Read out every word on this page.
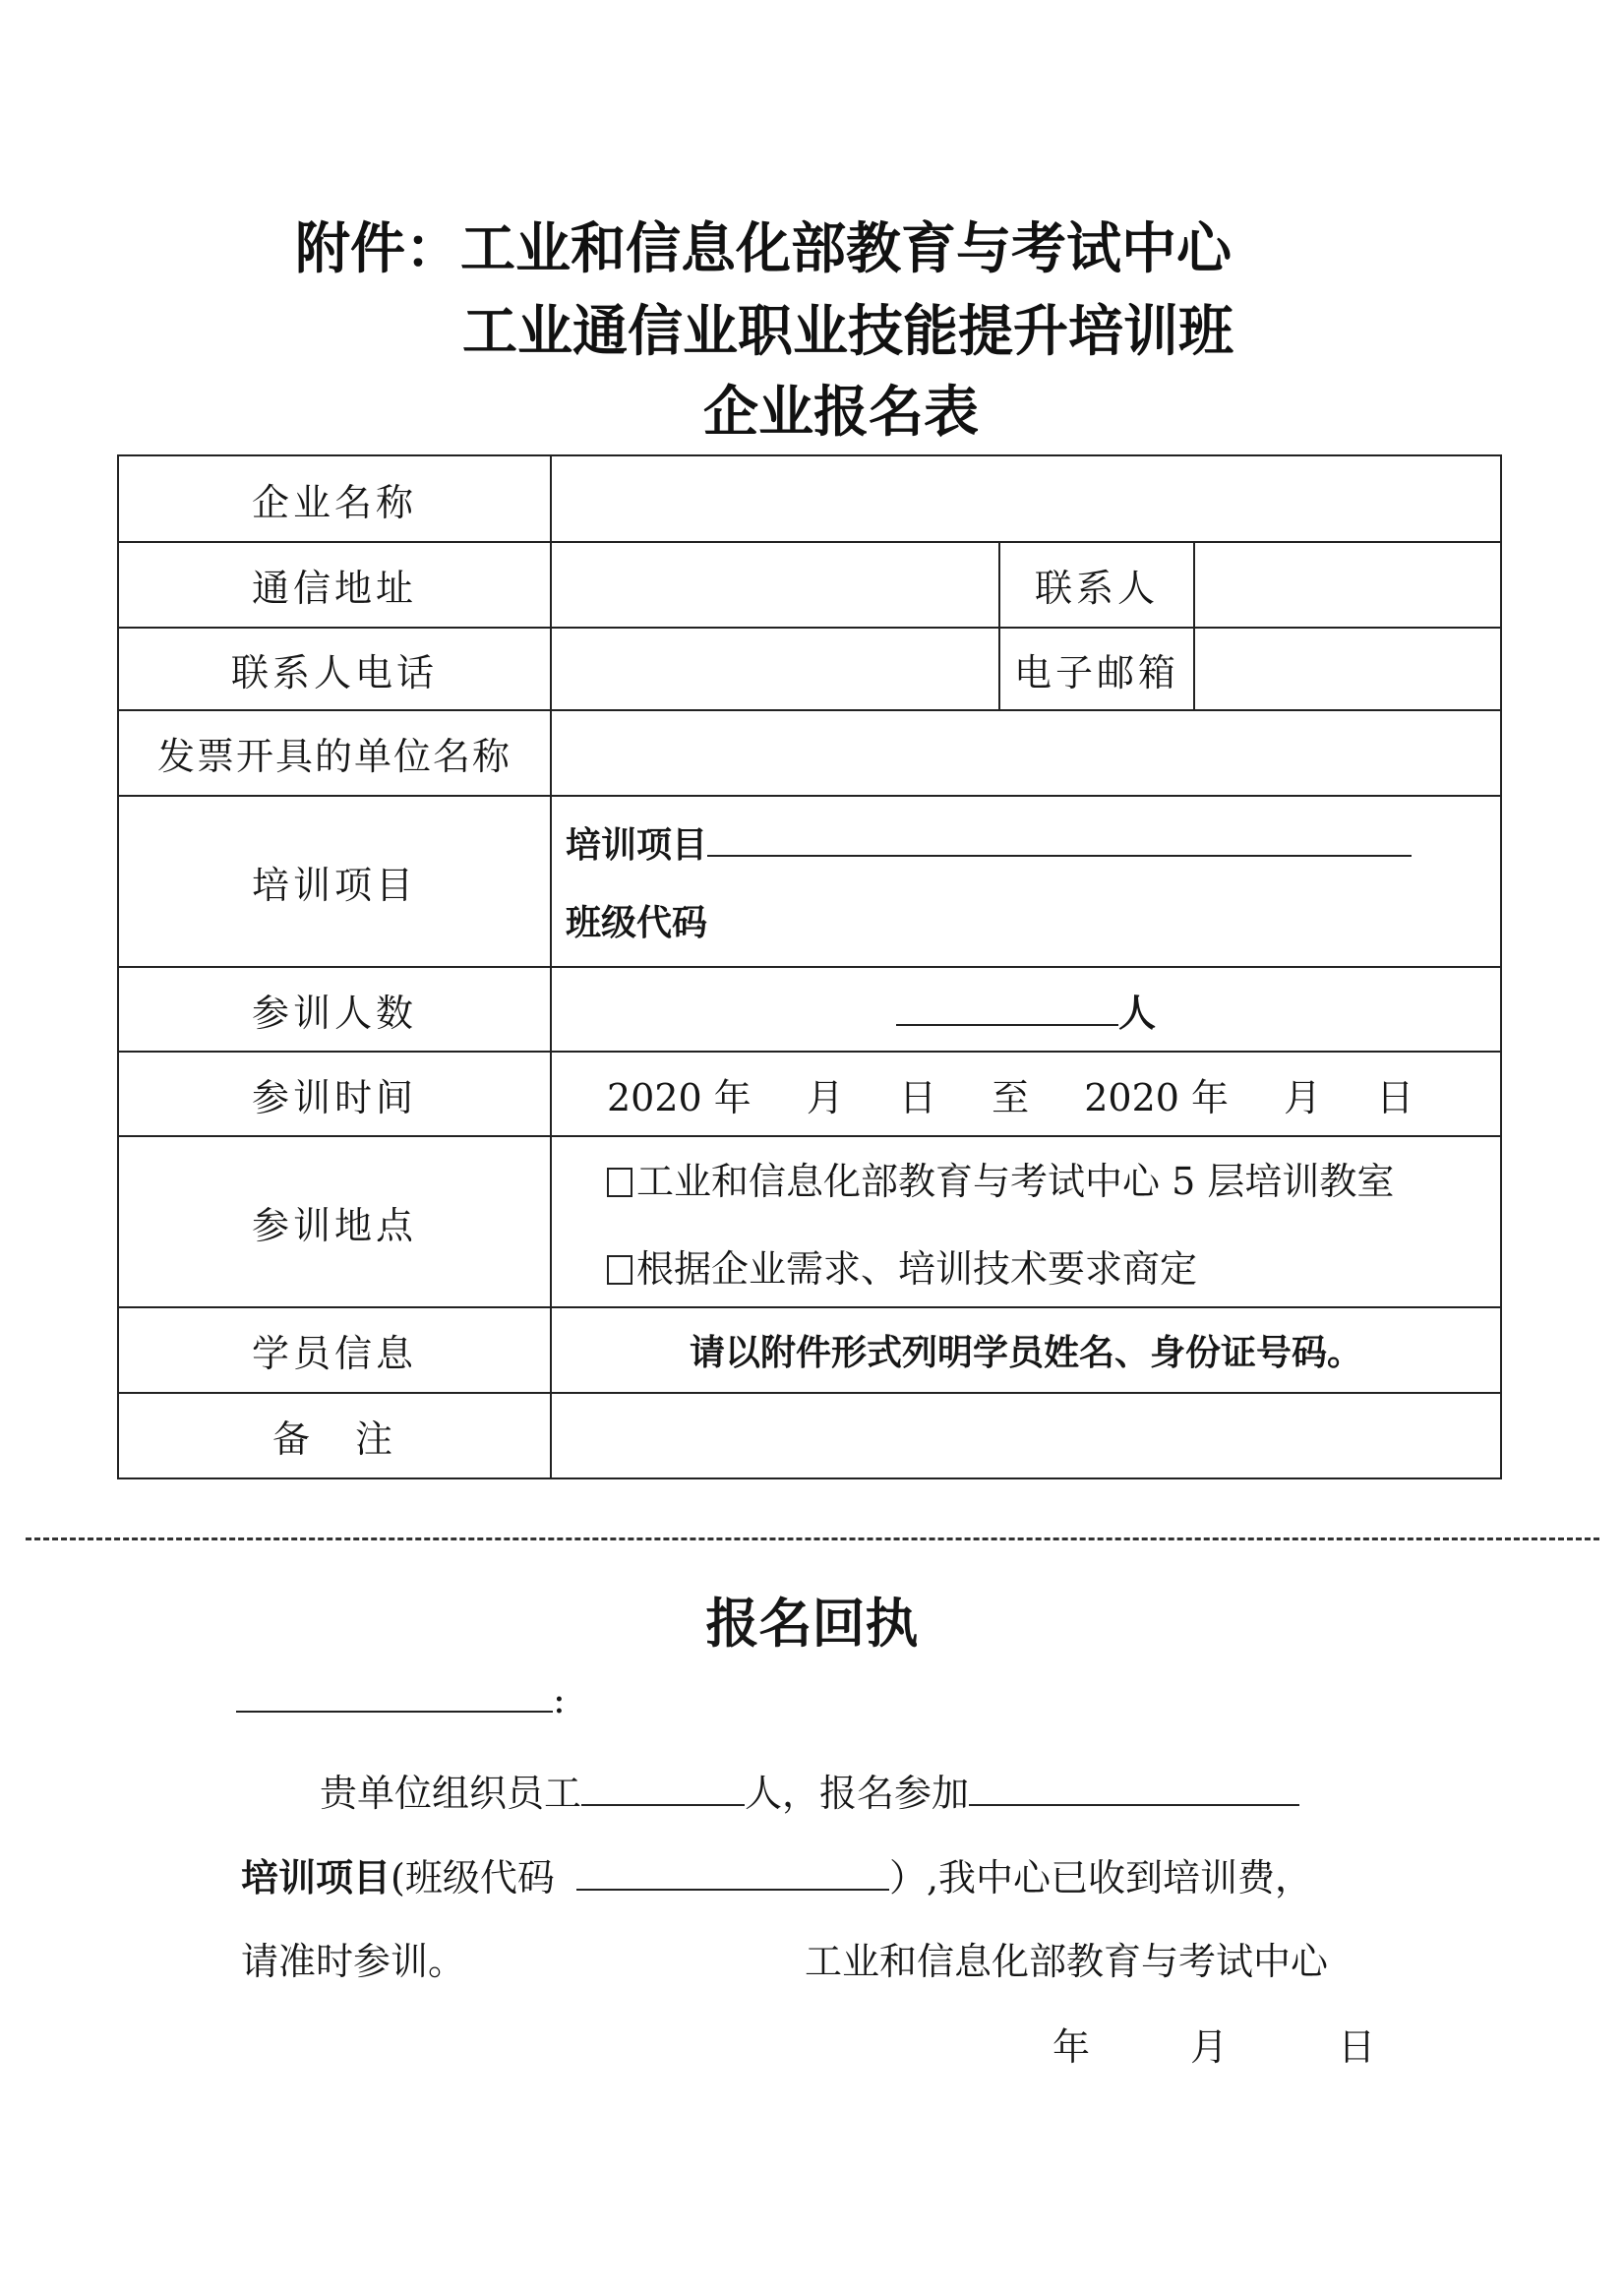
附件：工业和信息化部教育与考试中心
工业通信业职业技能提升培训班
企业报名表
企业名称			
通信地址		联系人	
联系人电话		电子邮箱	
发票开具的单位名称			
培训项目	培训项目
班级代码		

参训人数	人		
参训时间	2020 年 月 日 至 2020 年 月 日		
参训地点	工业和信息化部教育与考试中心 5 层培训教室
根据企业需求、培训技术要求商定		

学员信息	请以附件形式列明学员姓名、身份证号码。		
备　注			
报名回执
:
贵单位组织员工	人，报名参加
培训项目(班级代码	）,我中心已收到培训费，
请准时参训。	工业和信息化部教育与考试中心
年	月	日
